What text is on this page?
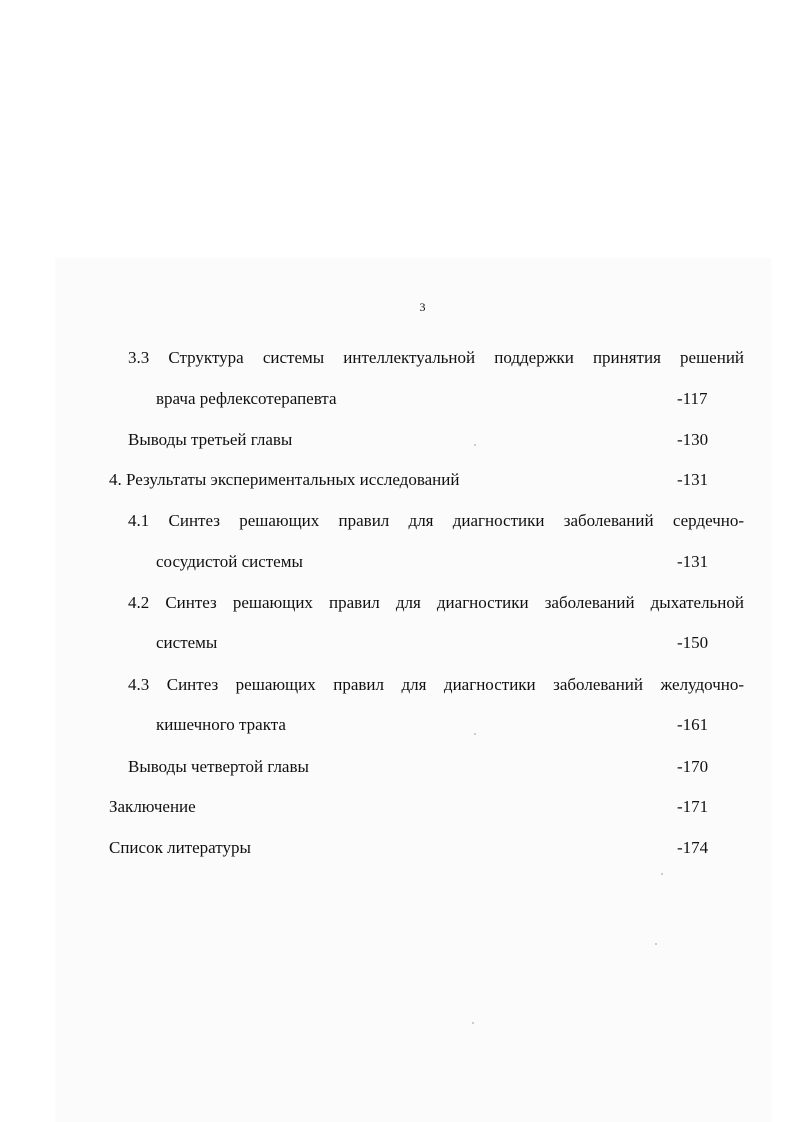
3
3.3 Структура системы интеллектуальной поддержки принятия решений
врача рефлексотерапевта	-117
Выводы третьей главы	-130
4. Результаты экспериментальных исследований	-131
4.1 Синтез решающих правил для диагностики заболеваний сердечно-
сосудистой системы	-131
4.2 Синтез решающих правил для диагностики заболеваний дыхательной
системы	-150
4.3 Синтез решающих правил для диагностики заболеваний желудочно-
кишечного тракта	-161
Выводы четвертой главы	-170
Заключение	-171
Список литературы	-174
